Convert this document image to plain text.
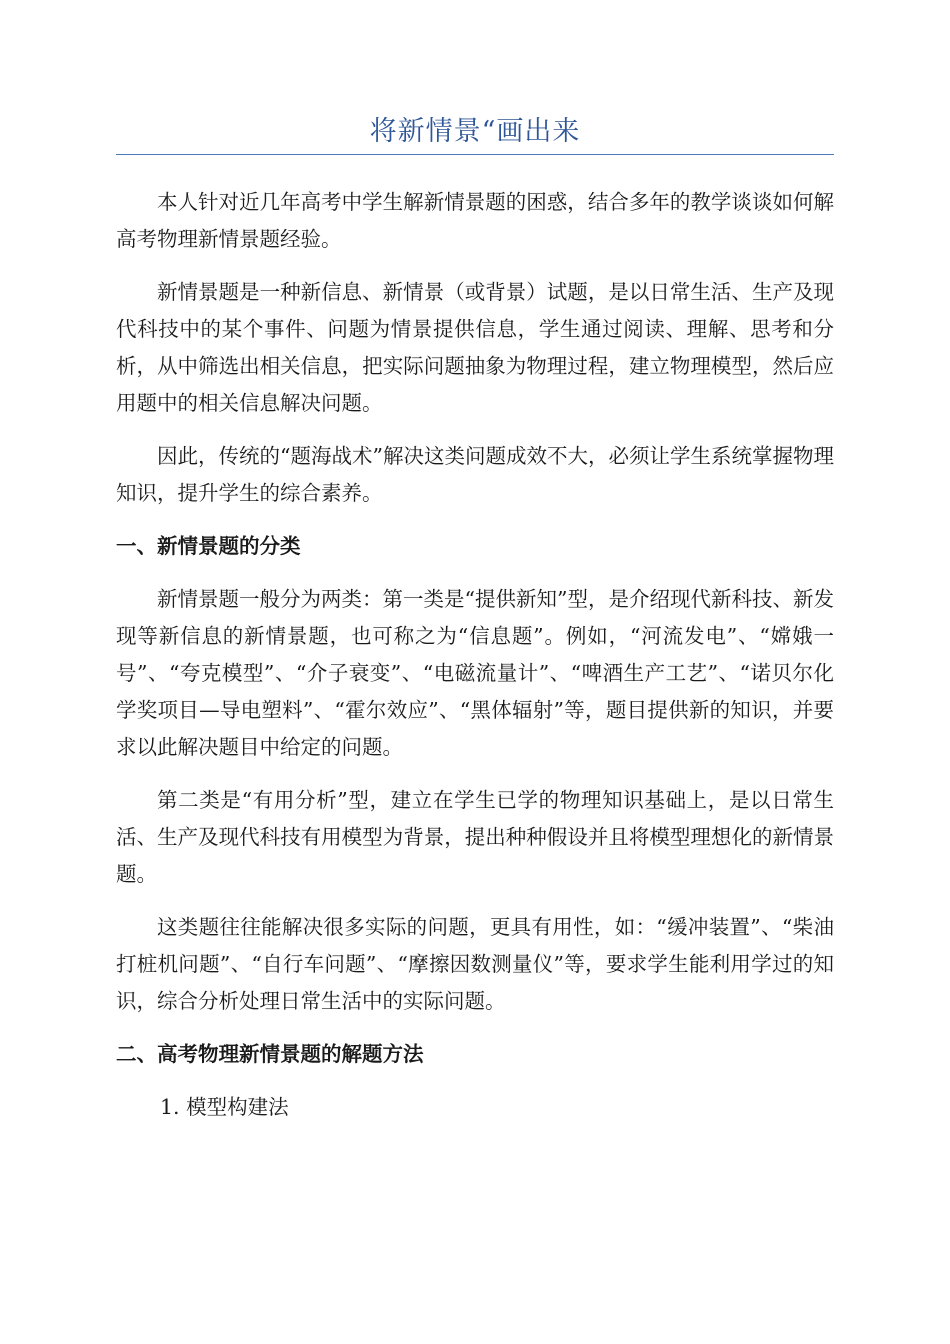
将新情景“画出来

本人针对近几年高考中学生解新情景题的困惑，结合多年的教学谈谈如何解高考物理新情景题经验。

新情景题是一种新信息、新情景（或背景）试题，是以日常生活、生产及现代科技中的某个事件、问题为情景提供信息，学生通过阅读、理解、思考和分析，从中筛选出相关信息，把实际问题抽象为物理过程，建立物理模型，然后应用题中的相关信息解决问题。

因此，传统的“题海战术”解决这类问题成效不大，必须让学生系统掌握物理知识，提升学生的综合素养。

一、新情景题的分类

新情景题一般分为两类：第一类是“提供新知”型，是介绍现代新科技、新发现等新信息的新情景题，也可称之为“信息题”。例如，“河流发电”、“嫦娥一号”、“夸克模型”、“介子衰变”、“电磁流量计”、“啤酒生产工艺”、“诺贝尔化学奖项目—导电塑料”、“霍尔效应”、“黑体辐射”等，题目提供新的知识，并要求以此解决题目中给定的问题。

第二类是“有用分析”型，建立在学生已学的物理知识基础上，是以日常生活、生产及现代科技有用模型为背景，提出种种假设并且将模型理想化的新情景题。

这类题往往能解决很多实际的问题，更具有用性，如：“缓冲装置”、“柴油打桩机问题”、“自行车问题”、“摩擦因数测量仪”等，要求学生能利用学过的知识，综合分析处理日常生活中的实际问题。

二、高考物理新情景题的解题方法

1. 模型构建法
